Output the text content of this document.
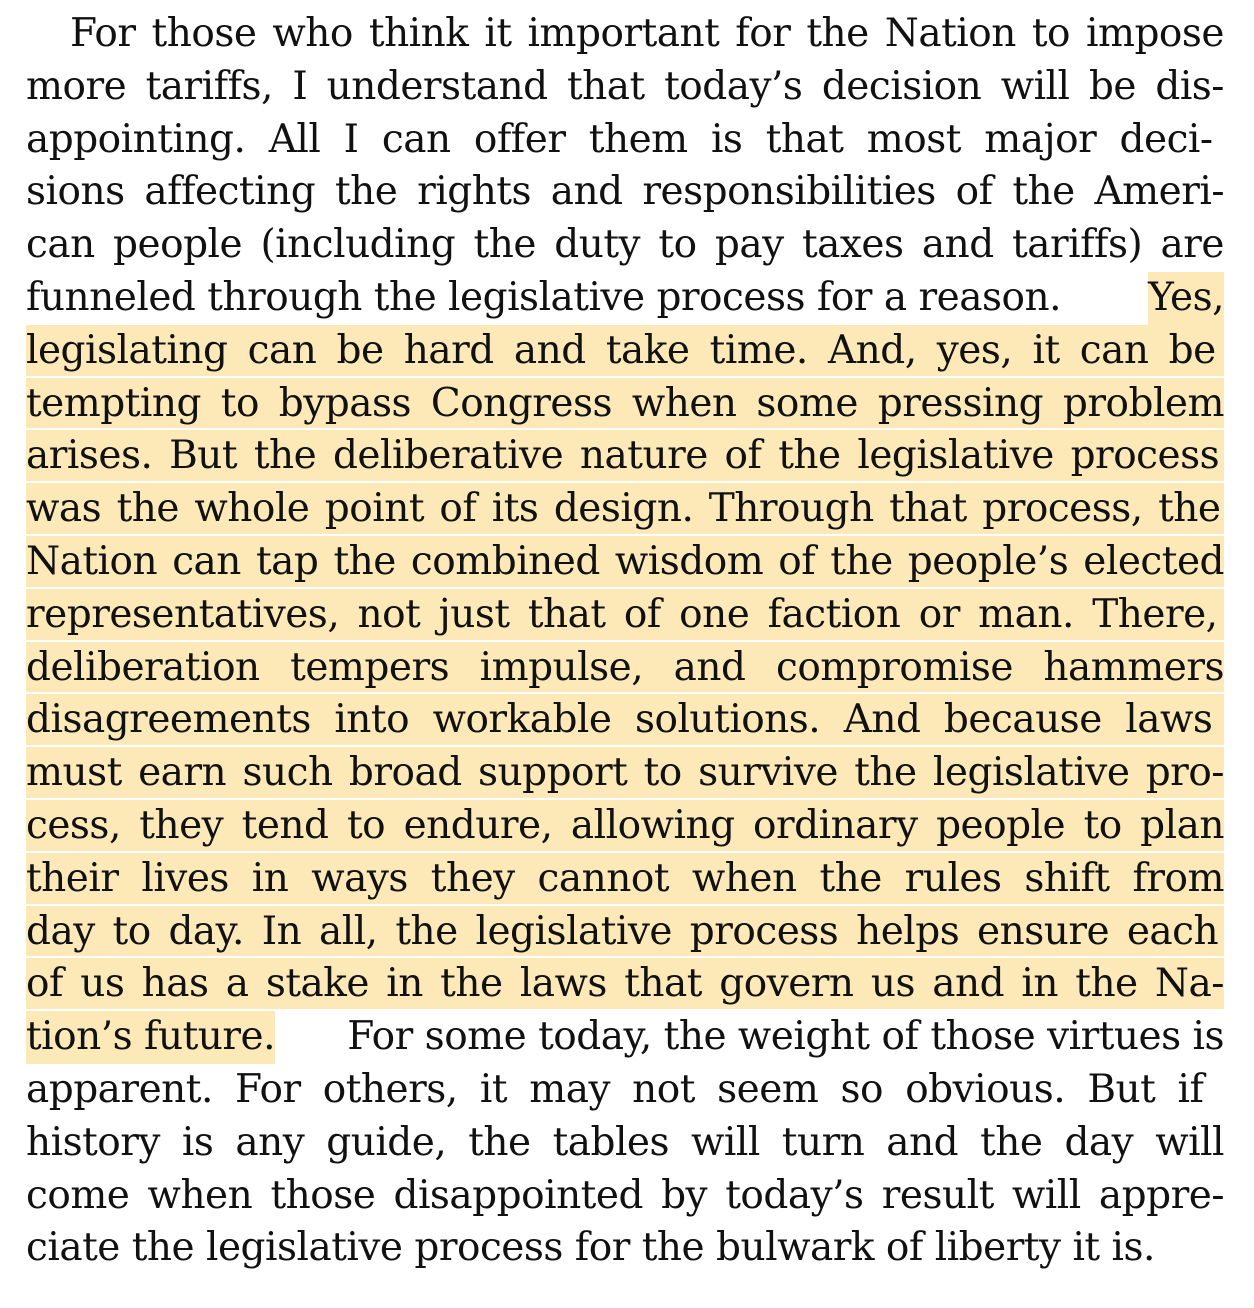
For those who think it important for the Nation to impose
more tariffs, I understand that today’s decision will be dis-
appointing. All I can offer them is that most major deci-
sions affecting the rights and responsibilities of the Ameri-
can people (including the duty to pay taxes and tariffs) are
funneled through the legislative process for a reason. Yes,
legislating can be hard and take time. And, yes, it can be
tempting to bypass Congress when some pressing problem
arises. But the deliberative nature of the legislative process
was the whole point of its design. Through that process, the
Nation can tap the combined wisdom of the people’s elected
representatives, not just that of one faction or man. There,
deliberation tempers impulse, and compromise hammers
disagreements into workable solutions. And because laws
must earn such broad support to survive the legislative pro-
cess, they tend to endure, allowing ordinary people to plan
their lives in ways they cannot when the rules shift from
day to day. In all, the legislative process helps ensure each
of us has a stake in the laws that govern us and in the Na-
tion’s future. For some today, the weight of those virtues is
apparent. For others, it may not seem so obvious. But if
history is any guide, the tables will turn and the day will
come when those disappointed by today’s result will appre-
ciate the legislative process for the bulwark of liberty it is.
